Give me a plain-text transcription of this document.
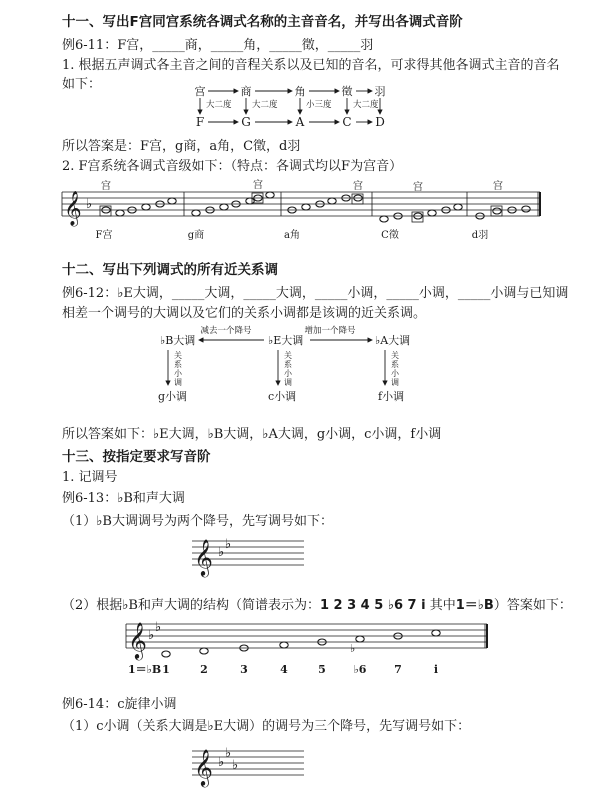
十一、写出F宫同宫系统各调式名称的主音音名，并写出各调式音阶
例6-11：F宫，_____商，_____角，_____徵，_____羽
1. 根据五声调式各主音之间的音程关系以及已知的音名，可求得其他各调式主音的音名
如下：	宫	商	角	徵 羽
大二度 大二度	小三度	大二度
F	G	A	C D
所以答案是：F宫，g商，a角，C徵，d羽
2. F宫系统各调式音级如下：（特点：各调式均以F为宫音）
𝄞 ♭
宫	宫	宫	宫	宫
F宫	g商	a角	C徵	d羽
十二、写出下列调式的所有近关系调
例6-12：♭E大调，_____大调，_____大调，_____小调，_____小调，_____小调与已知调
相差一个调号的大调以及它们的关系小调都是该调的近关系调。
♭B大调	♭E大调	♭A大调
减去一个降号	增加一个降号
关
系
小
调
关
系
小
调
关
系
小
调
g小调	c小调	f小调
所以答案如下：♭E大调，♭B大调，♭A大调，g小调，c小调，f小调
十三、按指定要求写音阶
1. 记调号
例6-13：♭B和声大调
（1）♭B大调调号为两个降号，先写调号如下：
𝄞 ♭
♭
（2）根据♭B和声大调的结构（简谱表示为：1 2 3 4 5 ♭6 7 i 其中1＝♭B）答案如下：
𝄞 ♭
♭
♭
1＝♭B 1	2	3	4	5	♭6	7	i
例6-14：c旋律小调
（1）c小调（关系大调是♭E大调）的调号为三个降号，先写调号如下：
𝄞 ♭
♭
♭
